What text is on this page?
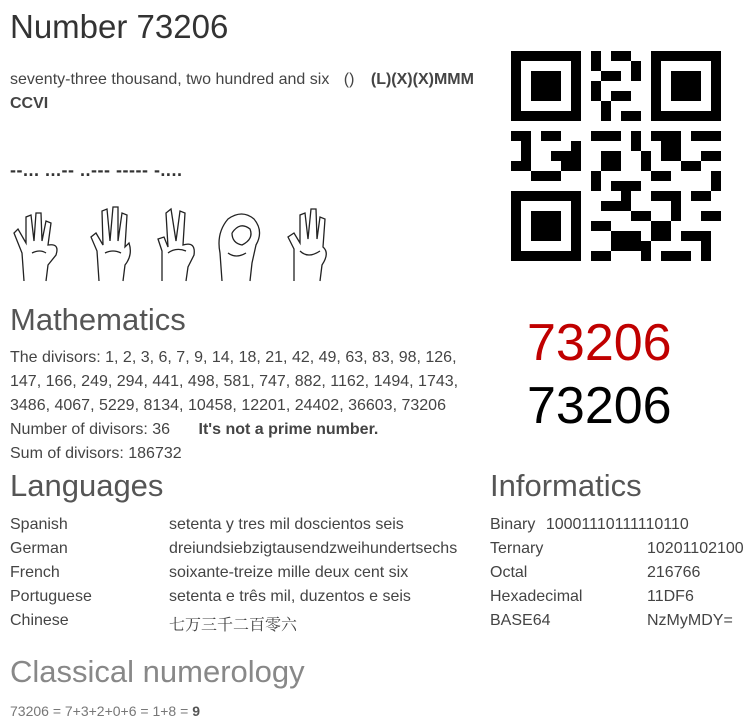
Number 73206
seventy-three thousand, two hundred and six () (L)(X)(X)MMM
CCVI
--... ...-- ..--- ----- -....
Mathematics
The divisors: 1, 2, 3, 6, 7, 9, 14, 18, 21, 42, 49, 63, 83, 98, 126,
147, 166, 249, 294, 441, 498, 581, 747, 882, 1162, 1494, 1743,
3486, 4067, 5229, 8134, 10458, 12201, 24402, 36603, 73206
Number of divisors: 36 It's not a prime number.
Sum of divisors: 186732
73206
73206
Languages
Spanish	setenta y tres mil doscientos seis
German	dreiundsiebzigtausendzweihundertsechs
French	soixante-treize mille deux cent six
Portuguese	setenta e três mil, duzentos e seis
Chinese	七万三千二百零六
Informatics
Binary 10001110111110110
Ternary	10201102100
Octal	216766
Hexadecimal	11DF6
BASE64	NzMyMDY=
Classical numerology
73206 = 7+3+2+0+6 = 1+8 = 9
